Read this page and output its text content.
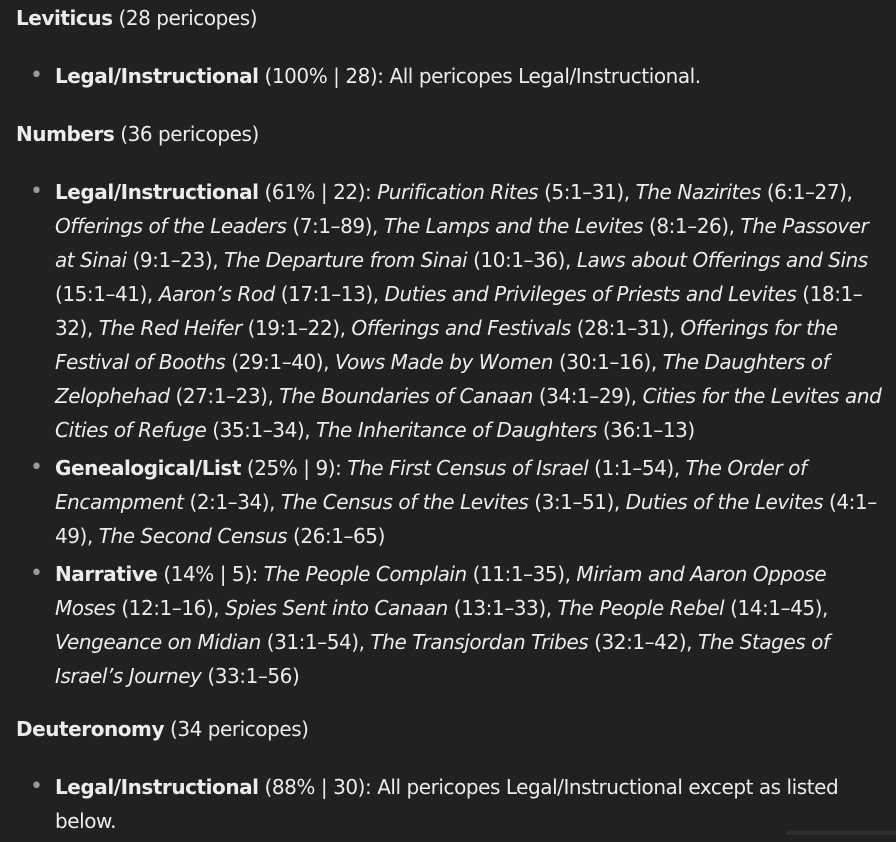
Leviticus (28 pericopes)

• Legal/Instructional (100% | 28): All pericopes Legal/Instructional.

Numbers (36 pericopes)

• Legal/Instructional (61% | 22): Purification Rites (5:1–31), The Nazirites (6:1–27), Offerings of the Leaders (7:1–89), The Lamps and the Levites (8:1–26), The Passover at Sinai (9:1–23), The Departure from Sinai (10:1–36), Laws about Offerings and Sins (15:1–41), Aaron’s Rod (17:1–13), Duties and Privileges of Priests and Levites (18:1–32), The Red Heifer (19:1–22), Offerings and Festivals (28:1–31), Offerings for the Festival of Booths (29:1–40), Vows Made by Women (30:1–16), The Daughters of Zelophehad (27:1–23), The Boundaries of Canaan (34:1–29), Cities for the Levites and Cities of Refuge (35:1–34), The Inheritance of Daughters (36:1–13)
• Genealogical/List (25% | 9): The First Census of Israel (1:1–54), The Order of Encampment (2:1–34), The Census of the Levites (3:1–51), Duties of the Levites (4:1–49), The Second Census (26:1–65)
• Narrative (14% | 5): The People Complain (11:1–35), Miriam and Aaron Oppose Moses (12:1–16), Spies Sent into Canaan (13:1–33), The People Rebel (14:1–45), Vengeance on Midian (31:1–54), The Transjordan Tribes (32:1–42), The Stages of Israel’s Journey (33:1–56)

Deuteronomy (34 pericopes)

• Legal/Instructional (88% | 30): All pericopes Legal/Instructional except as listed below.
